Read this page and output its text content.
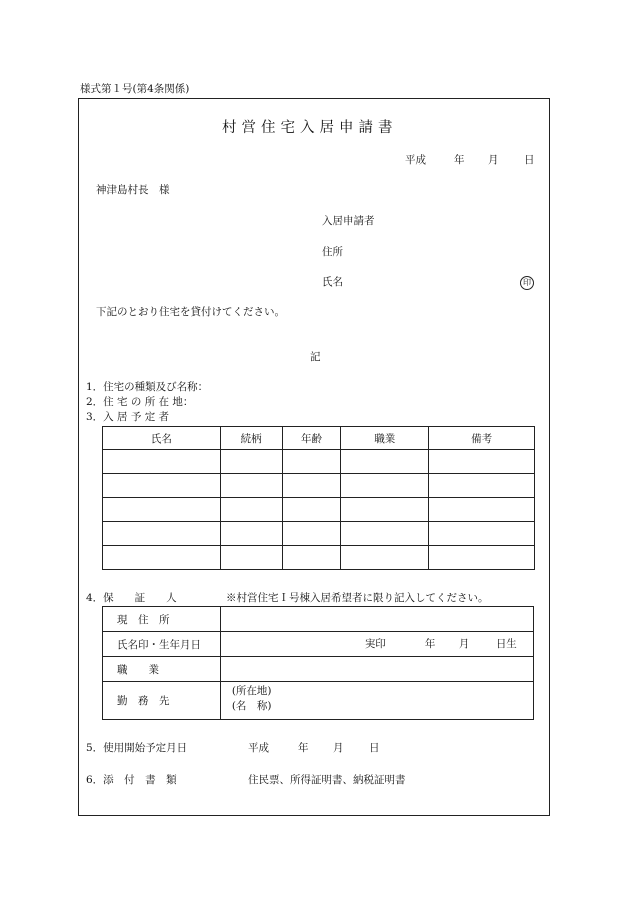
様式第１号(第4条関係)
村営住宅入居申請書
平成	年 月 日
神津島村長　様
入居申請者
住所
氏名	印
下記のとおり住宅を貸付けてください。
記
1．住宅の種類及び名称：
2．住 宅 の 所 在 地：
3．入 居 予 定 者
氏名	続柄	年齢	職業	備考

4．保　　証　　人	※村営住宅Ｉ号棟入居希望者に限り記入してください。
現　住　所	
氏名印・生年月日	実印 年 月 日生

職　　業	
勤　務　先	(所在地)
(名　称)
5．使用開始予定月日	平成	年 月 日
6．添　付　書　類	住民票、所得証明書、納税証明書
